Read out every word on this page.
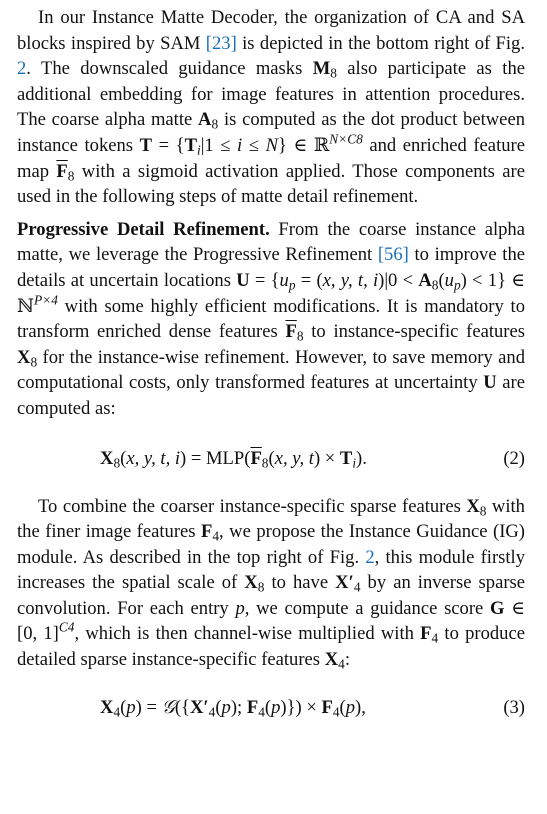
In our Instance Matte Decoder, the organization of CA and SA blocks inspired by SAM [23] is depicted in the bottom right of Fig. 2. The downscaled guidance masks $M_8$ also participate as the additional embedding for image features in attention procedures. The coarse alpha matte $A_8$ is computed as the dot product between instance tokens $T = \{T_i|1 \le i \le N\}$ ∈ ℝ$^{N\times C8}$ and enriched feature map $\overline{F}_8$ with a sigmoid activation applied. Those components are used in the following steps of matte detail refinement.

Progressive Detail Refinement. From the coarse instance alpha matte, we leverage the Progressive Refinement [56] to improve the details at uncertain locations $U = \{u_p = (x$, y, t, $i)|0 < A_8(u_p) < 1$} ∈ ℕ$^{P\times 4}$ with some highly efficient modifications. It is mandatory to transform enriched dense features $\overline{F}_8$ to instance-specific features $X_8$ for the instance-wise refinement. However, to save memory and computational costs, only transformed features at uncertainty U are computed as:

$X_8(x$, y, t, $i) = MLP(\overline{F}_8(x$, y, $t) \times T_i$).	(2)

To combine the coarser instance-specific sparse features $X_8$ with the finer image features $F_4$, we propose the Instance Guidance (IG) module. As described in the top right of Fig. 2, this module firstly increases the spatial scale of $X_8$ to have $X'_4$ by an inverse sparse convolution. For each entry p, we compute a guidance score G ∈ [0, 1]$^{C4}$, which is then channel-wise multiplied with $F_4$ to produce detailed sparse instance-specific features $X_4$:

$X_4(p)$ = $𝒢(\{X'_4(p)$; $F_4(p)\}) \times F_4(p)$,	(3)
